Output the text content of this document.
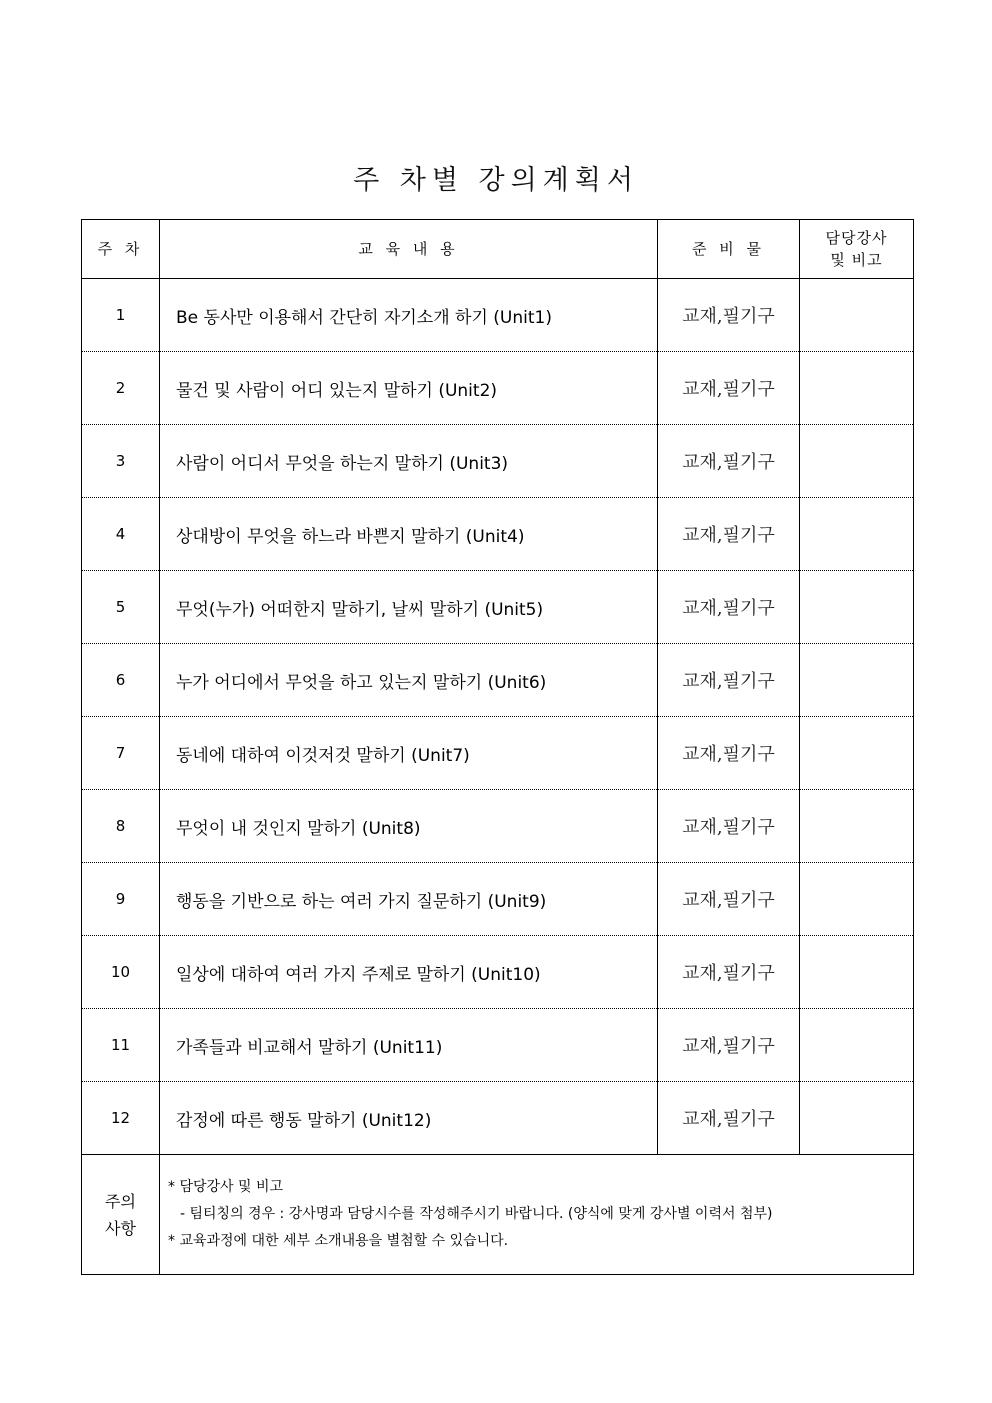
주 차별 강의계획서
주 차	교 육 내 용	준 비 물	담당강사
및 비고

1	Be 동사만 이용해서 간단히 자기소개 하기 (Unit1)	교재,필기구	
2	물건 및 사람이 어디 있는지 말하기 (Unit2)	교재,필기구	
3	사람이 어디서 무엇을 하는지 말하기 (Unit3)	교재,필기구	
4	상대방이 무엇을 하느라 바쁜지 말하기 (Unit4)	교재,필기구	
5	무엇(누가) 어떠한지 말하기, 날씨 말하기 (Unit5)	교재,필기구	
6	누가 어디에서 무엇을 하고 있는지 말하기 (Unit6)	교재,필기구	
7	동네에 대하여 이것저것 말하기 (Unit7)	교재,필기구	
8	무엇이 내 것인지 말하기 (Unit8)	교재,필기구	
9	행동을 기반으로 하는 여러 가지 질문하기 (Unit9)	교재,필기구	
10	일상에 대하여 여러 가지 주제로 말하기 (Unit10)	교재,필기구	
11	가족들과 비교해서 말하기 (Unit11)	교재,필기구	
12	감정에 따른 행동 말하기 (Unit12)	교재,필기구	

주의
사항	* 담당강사 및 비고
- 팀티칭의 경우 : 강사명과 담당시수를 작성해주시기 바랍니다. (양식에 맞게 강사별 이력서 첨부)
* 교육과정에 대한 세부 소개내용을 별첨할 수 있습니다.		
